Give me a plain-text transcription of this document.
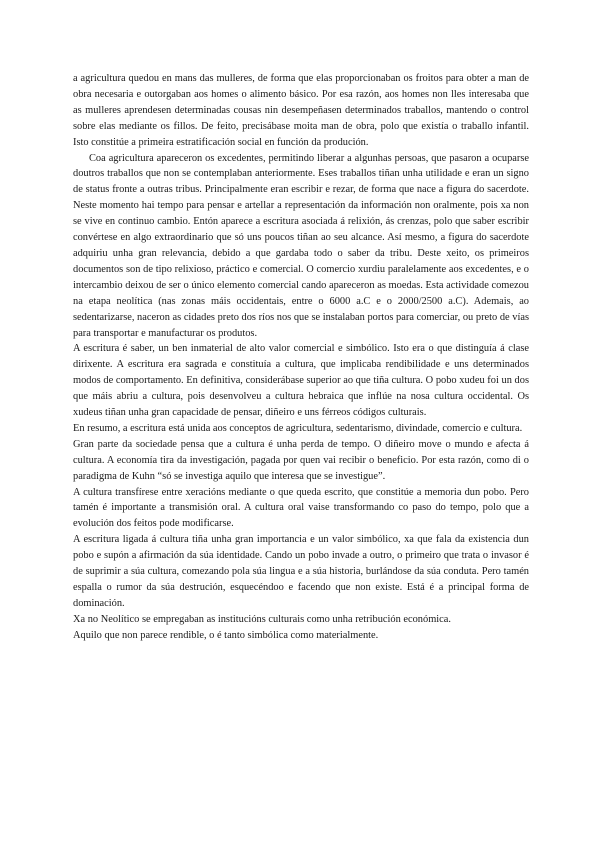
a agricultura quedou en mans das mulleres, de forma que elas proporcionaban os froitos para obter a man de obra necesaria e outorgaban aos homes o alimento básico. Por esa razón, aos homes non lles interesaba que as mulleres aprendesen determinadas cousas nin desempeñasen determinados traballos, mantendo o control sobre elas mediante os fillos. De feito, precisábase moita man de obra, polo que existía o traballo infantil. Isto constitúe a primeira estratificación social en función da produción.

Coa agricultura apareceron os excedentes, permitindo liberar a algunhas persoas, que pasaron a ocuparse doutros traballos que non se contemplaban anteriormente. Eses traballos tiñan unha utilidade e eran un signo de status fronte a outras tribus. Principalmente eran escribir e rezar, de forma que nace a figura do sacerdote. Neste momento hai tempo para pensar e artellar a representación da información non oralmente, pois xa non se vive en continuo cambio. Entón aparece a escritura asociada á relixión, ás crenzas, polo que saber escribir convértese en algo extraordinario que só uns poucos tiñan ao seu alcance. Así mesmo, a figura do sacerdote adquiriu unha gran relevancia, debido a que gardaba todo o saber da tribu. Deste xeito, os primeiros documentos son de tipo relixioso, práctico e comercial. O comercio xurdiu paralelamente aos excedentes, e o intercambio deixou de ser o único elemento comercial cando apareceron as moedas. Esta actividade comezou na etapa neolítica (nas zonas máis occidentais, entre o 6000 a.C e o 2000/2500 a.C). Ademais, ao sedentarizarse, naceron as cidades preto dos ríos nos que se instalaban portos para comerciar, ou preto de vías para transportar e manufacturar os produtos.

A escritura é saber, un ben inmaterial de alto valor comercial e simbólico. Isto era o que distinguía á clase dirixente. A escritura era sagrada e constituía a cultura, que implicaba rendibilidade e uns determinados modos de comportamento. En definitiva, considerábase superior ao que tiña cultura. O pobo xudeu foi un dos que máis abriu a cultura, pois desenvolveu a cultura hebraica que inflúe na nosa cultura occidental. Os xudeus tiñan unha gran capacidade de pensar, diñeiro e uns férreos códigos culturais.

En resumo, a escritura está unida aos conceptos de agricultura, sedentarismo, divindade, comercio e cultura.

Gran parte da sociedade pensa que a cultura é unha perda de tempo. O diñeiro move o mundo e afecta á cultura. A economía tira da investigación, pagada por quen vai recibir o beneficio. Por esta razón, como di o paradigma de Kuhn “só se investiga aquilo que interesa que se investigue”.

A cultura transfírese entre xeracións mediante o que queda escrito, que constitúe a memoria dun pobo. Pero tamén é importante a transmisión oral. A cultura oral vaise transformando co paso do tempo, polo que a evolución dos feitos pode modificarse.

A escritura ligada á cultura tiña unha gran importancia e un valor simbólico, xa que fala da existencia dun pobo e supón a afirmación da súa identidade. Cando un pobo invade a outro, o primeiro que trata o invasor é de suprimir a súa cultura, comezando pola súa lingua e a súa historia, burlándose da súa conduta. Pero tamén espalla o rumor da súa destrución, esquecéndoo e facendo que non existe. Está é a principal forma de dominación.

Xa no Neolítico se empregaban as institucións culturais como unha retribución económica.

Aquilo que non parece rendible, o é tanto simbólica como materialmente.
